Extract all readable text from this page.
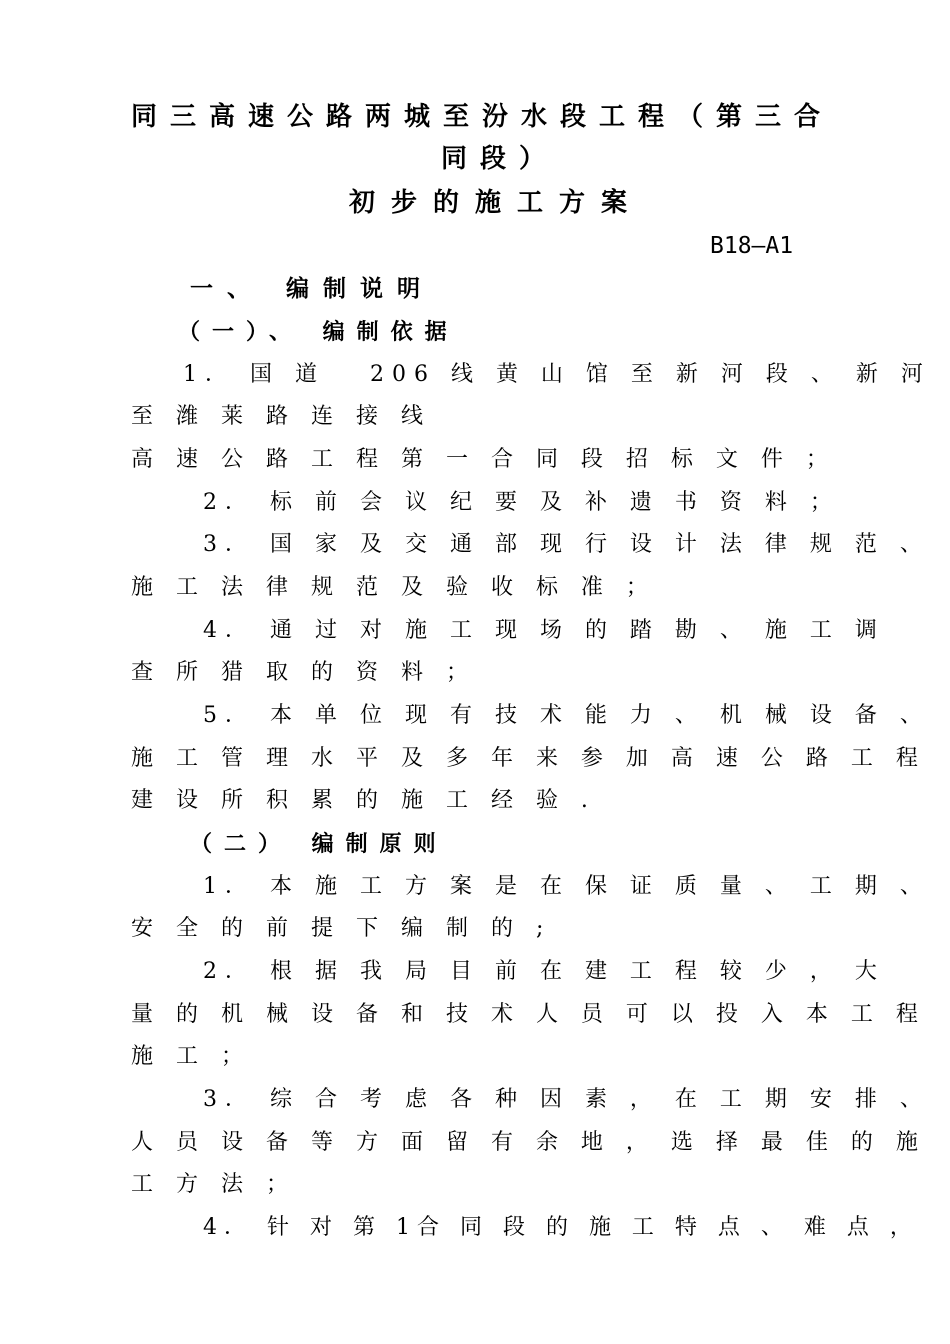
同三高速公路两城至汾水段工程（第三合
同段）
初步的施工方案
B18—A1
一、 编制说明
（一）、 编制依据
1． 国 道   206 线 黄 山 馆 至 新 河 段 、 新 河
至 潍 莱 路 连 接 线
高 速 公 路 工 程 第 一 合 同 段 招 标 文 件 ；
2． 标 前 会 议 纪 要 及 补 遗 书 资 料 ；
3． 国 家 及 交 通 部 现 行 设 计 法 律 规 范 、
施 工 法 律 规 范 及 验 收 标 准 ；
4． 通 过 对 施 工 现 场 的 踏 勘 、 施 工 调
查 所 猎 取 的 资 料 ；
5． 本 单 位 现 有 技 术 能 力 、 机 械 设 备 、
施 工 管 理 水 平 及 多 年 来 参 加 高 速 公 路 工 程
建 设 所 积 累 的 施 工 经 验 .
（二） 编制原则
1． 本 施 工 方 案 是 在 保 证 质 量 、 工 期 、
安 全 的 前 提 下 编 制 的 ;
2． 根 据 我 局 目 前 在 建 工 程 较 少 ， 大
量 的 机 械 设 备 和 技 术 人 员 可 以 投 入 本 工 程
施 工 ；
3． 综 合 考 虑 各 种 因 素 ， 在 工 期 安 排 、
人 员 设 备 等 方 面 留 有 余 地 ， 选 择 最 佳 的 施
工 方 法 ；
4． 针 对 第 1合 同 段 的 施 工 特 点 、 难 点 ，
